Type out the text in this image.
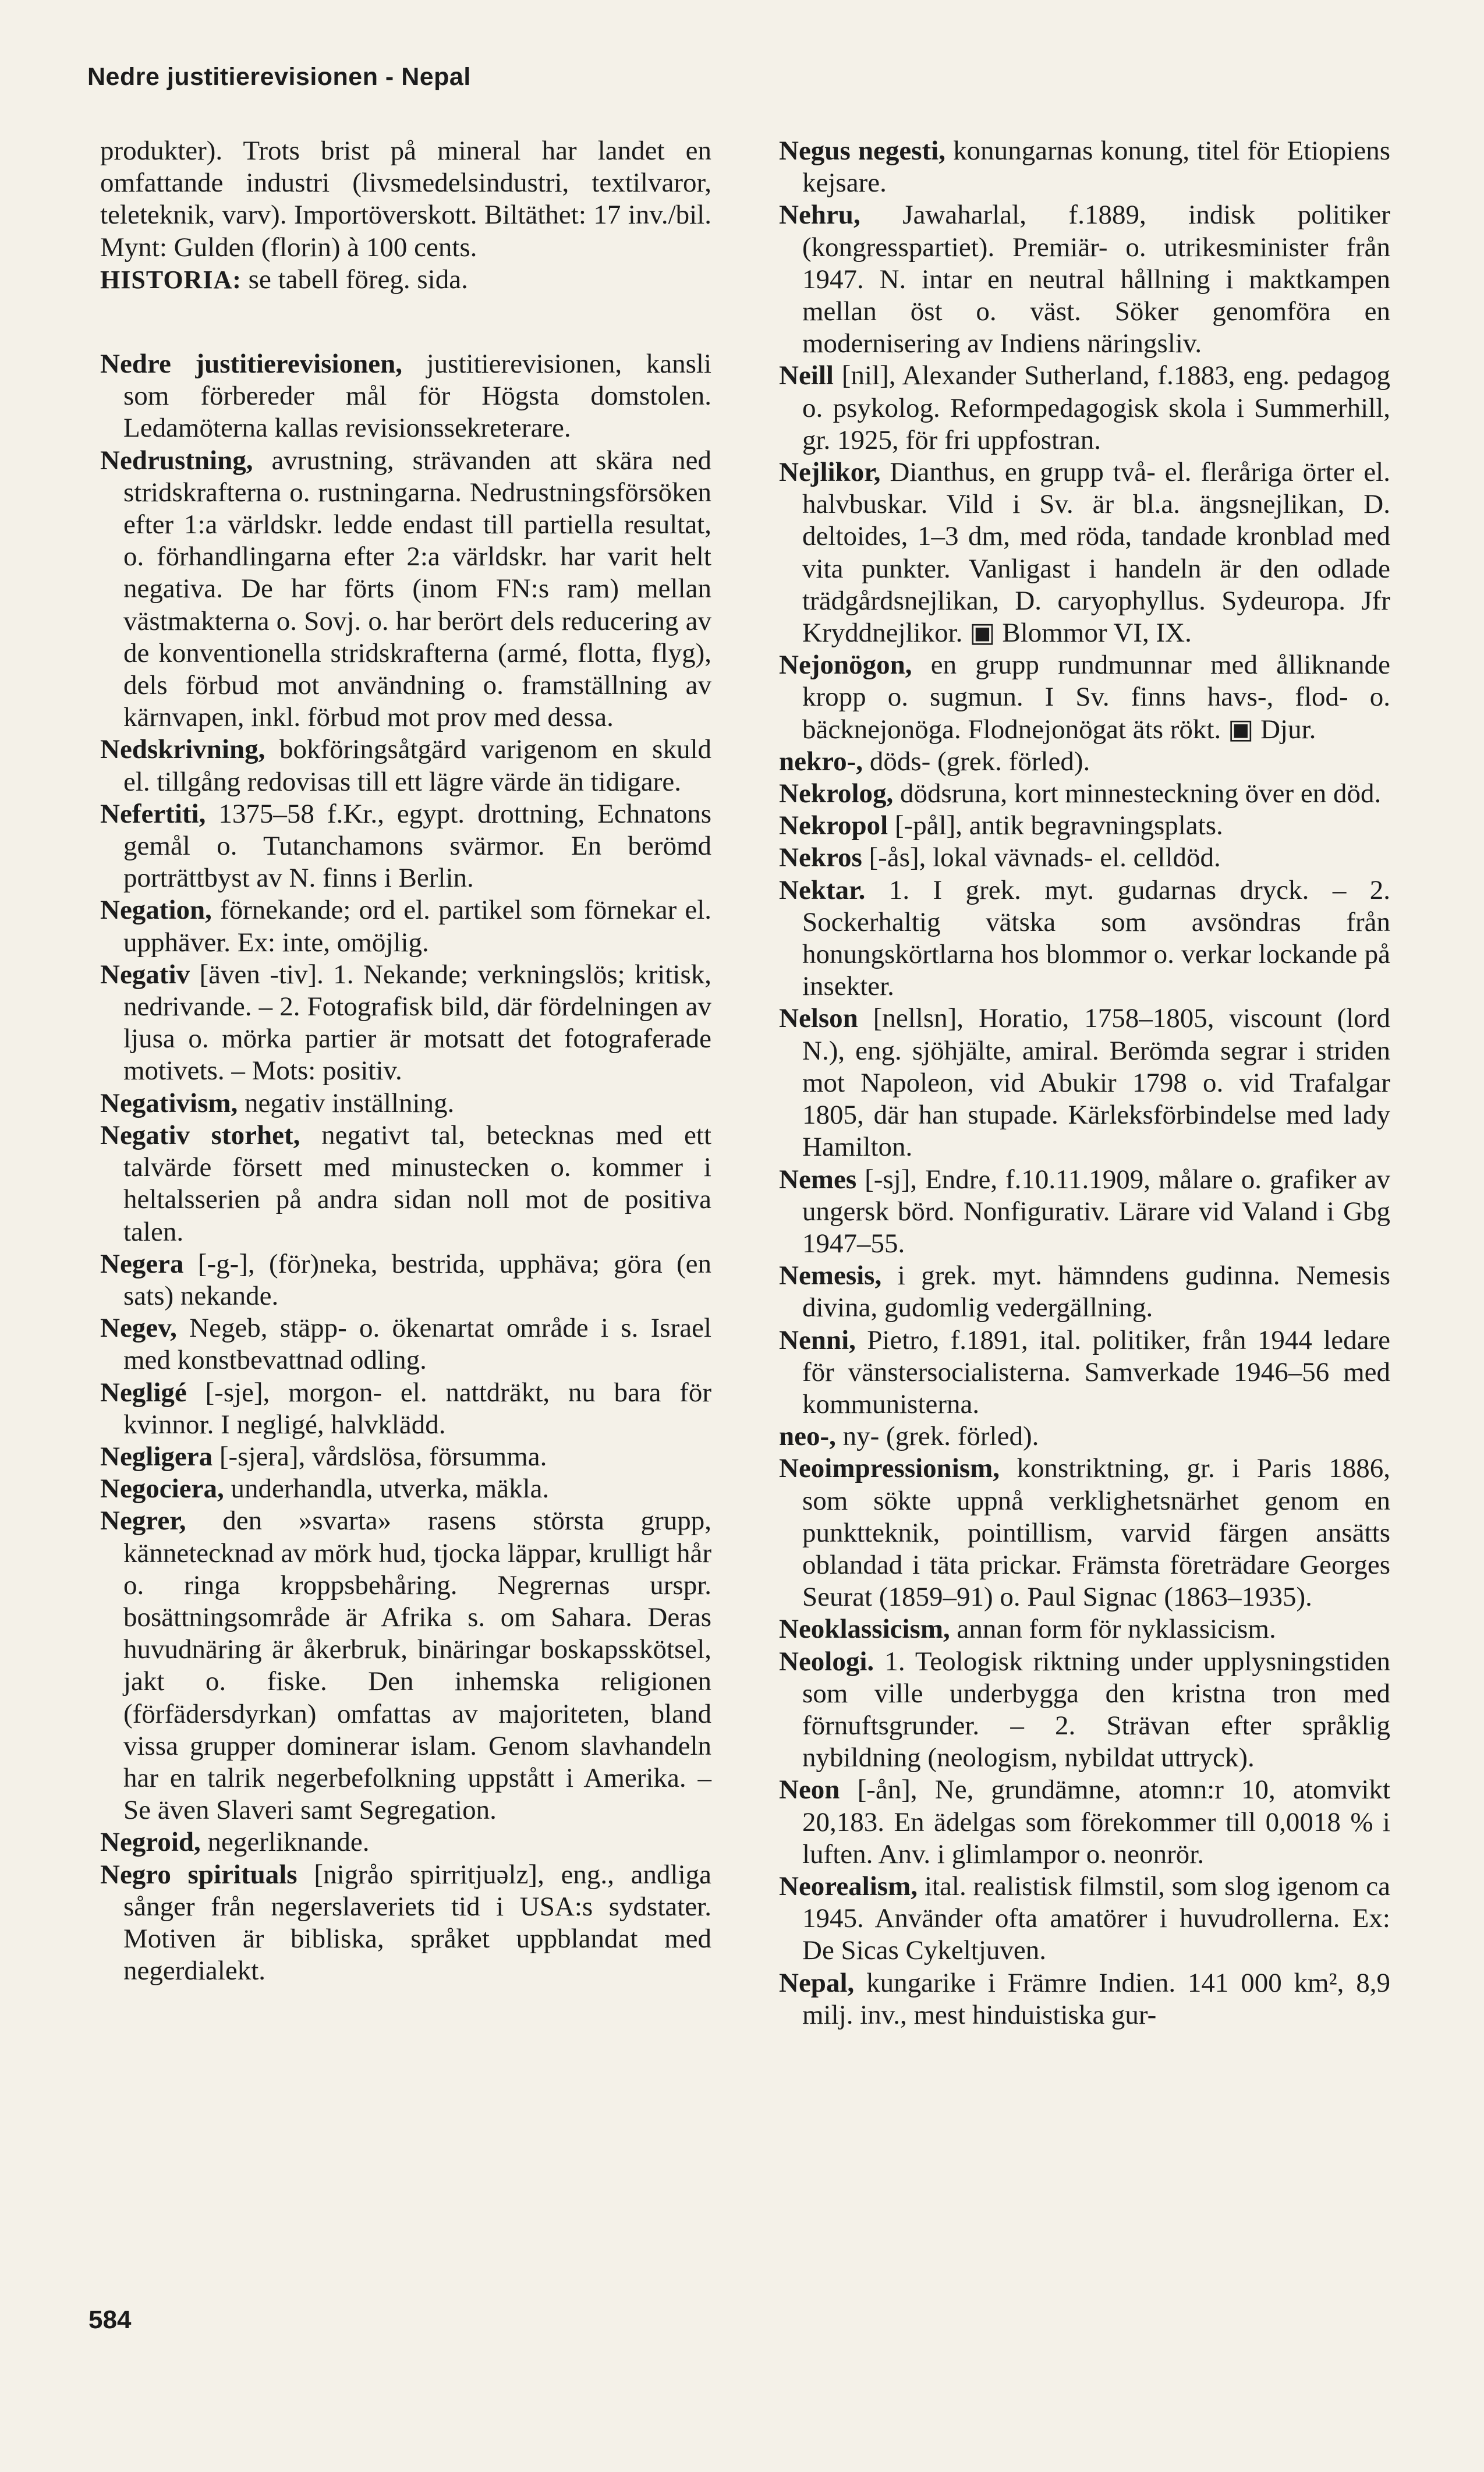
Nedre justitierevisionen - Nepal

produkter). Trots brist på mineral har landet en omfattande industri (livsmedelsindustri, textilvaror, teleteknik, varv). Importöverskott. Biltäthet: 17 inv./bil. Mynt: Gulden (florin) à 100 cents.

HISTORIA: se tabell föreg. sida.

Nedre justitierevisionen, justitierevisionen, kansli som förbereder mål för Högsta domstolen. Ledamöterna kallas revisionssekreterare.

Nedrustning, avrustning, strävanden att skära ned stridskrafterna o. rustningarna. Nedrustningsförsöken efter 1:a världskr. ledde endast till partiella resultat, o. förhandlingarna efter 2:a världskr. har varit helt negativa. De har förts (inom FN:s ram) mellan västmakterna o. Sovj. o. har berört dels reducering av de konventionella stridskrafterna (armé, flotta, flyg), dels förbud mot användning o. framställning av kärnvapen, inkl. förbud mot prov med dessa.

Nedskrivning, bokföringsåtgärd varigenom en skuld el. tillgång redovisas till ett lägre värde än tidigare.

Nefertiti, 1375–58 f.Kr., egypt. drottning, Echnatons gemål o. Tutanchamons svärmor. En berömd porträttbyst av N. finns i Berlin.

Negation, förnekande; ord el. partikel som förnekar el. upphäver. Ex: inte, omöjlig.

Negativ [även -tiv]. 1. Nekande; verkningslös; kritisk, nedrivande. – 2. Fotografisk bild, där fördelningen av ljusa o. mörka partier är motsatt det fotograferade motivets. – Mots: positiv.

Negativism, negativ inställning.

Negativ storhet, negativt tal, betecknas med ett talvärde försett med minustecken o. kommer i heltalsserien på andra sidan noll mot de positiva talen.

Negera [-g-], (för)neka, bestrida, upphäva; göra (en sats) nekande.

Negev, Negeb, stäpp- o. ökenartat område i s. Israel med konstbevattnad odling.

Negligé [-sje], morgon- el. nattdräkt, nu bara för kvinnor. I negligé, halvklädd.

Negligera [-sjera], vårdslösa, försumma.

Negociera, underhandla, utverka, mäkla.

Negrer, den »svarta» rasens största grupp, kännetecknad av mörk hud, tjocka läppar, krulligt hår o. ringa kroppsbehåring. Negrernas urspr. bosättningsområde är Afrika s. om Sahara. Deras huvudnäring är åkerbruk, binäringar boskapsskötsel, jakt o. fiske. Den inhemska religionen (förfädersdyrkan) omfattas av majoriteten, bland vissa grupper dominerar islam. Genom slavhandeln har en talrik negerbefolkning uppstått i Amerika. – Se även Slaveri samt Segregation.

Negroid, negerliknande.

Negro spirituals [nigråo spirritjuəlz], eng., andliga sånger från negerslaveriets tid i USA:s sydstater. Motiven är bibliska, språket uppblandat med negerdialekt.

Negus negesti, konungarnas konung, titel för Etiopiens kejsare.

Nehru, Jawaharlal, f.1889, indisk politiker (kongresspartiet). Premiär- o. utrikesminister från 1947. N. intar en neutral hållning i maktkampen mellan öst o. väst. Söker genomföra en modernisering av Indiens näringsliv.

Neill [nil], Alexander Sutherland, f.1883, eng. pedagog o. psykolog. Reformpedagogisk skola i Summerhill, gr. 1925, för fri uppfostran.

Nejlikor, Dianthus, en grupp två- el. fleråriga örter el. halvbuskar. Vild i Sv. är bl.a. ängsnejlikan, D. deltoides, 1–3 dm, med röda, tandade kronblad med vita punkter. Vanligast i handeln är den odlade trädgårdsnejlikan, D. caryophyllus. Sydeuropa. Jfr Kryddnejlikor. ▣ Blommor VI, IX.

Nejonögon, en grupp rundmunnar med ålliknande kropp o. sugmun. I Sv. finns havs-, flod- o. bäcknejonöga. Flodnejonögat äts rökt. ▣ Djur.

nekro-, döds- (grek. förled).

Nekrolog, dödsruna, kort minnesteckning över en död.

Nekropol [-pål], antik begravningsplats.

Nekros [-ås], lokal vävnads- el. celldöd.

Nektar. 1. I grek. myt. gudarnas dryck. – 2. Sockerhaltig vätska som avsöndras från honungskörtlarna hos blommor o. verkar lockande på insekter.

Nelson [nellsn], Horatio, 1758–1805, viscount (lord N.), eng. sjöhjälte, amiral. Berömda segrar i striden mot Napoleon, vid Abukir 1798 o. vid Trafalgar 1805, där han stupade. Kärleksförbindelse med lady Hamilton.

Nemes [-sj], Endre, f.10.11.1909, målare o. grafiker av ungersk börd. Nonfigurativ. Lärare vid Valand i Gbg 1947–55.

Nemesis, i grek. myt. hämndens gudinna. Nemesis divina, gudomlig vedergällning.

Nenni, Pietro, f.1891, ital. politiker, från 1944 ledare för vänstersocialisterna. Samverkade 1946–56 med kommunisterna.

neo-, ny- (grek. förled).

Neoimpressionism, konstriktning, gr. i Paris 1886, som sökte uppnå verklighetsnärhet genom en punktteknik, pointillism, varvid färgen ansätts oblandad i täta prickar. Främsta företrädare Georges Seurat (1859–91) o. Paul Signac (1863–1935).

Neoklassicism, annan form för nyklassicism.

Neologi. 1. Teologisk riktning under upplysningstiden som ville underbygga den kristna tron med förnuftsgrunder. – 2. Strävan efter språklig nybildning (neologism, nybildat uttryck).

Neon [-ån], Ne, grundämne, atomn:r 10, atomvikt 20,183. En ädelgas som förekommer till 0,0018 % i luften. Anv. i glimlampor o. neonrör.

Neorealism, ital. realistisk filmstil, som slog igenom ca 1945. Använder ofta amatörer i huvudrollerna. Ex: De Sicas Cykeltjuven.

Nepal, kungarike i Främre Indien. 141 000 km², 8,9 milj. inv., mest hinduistiska gur-

584
